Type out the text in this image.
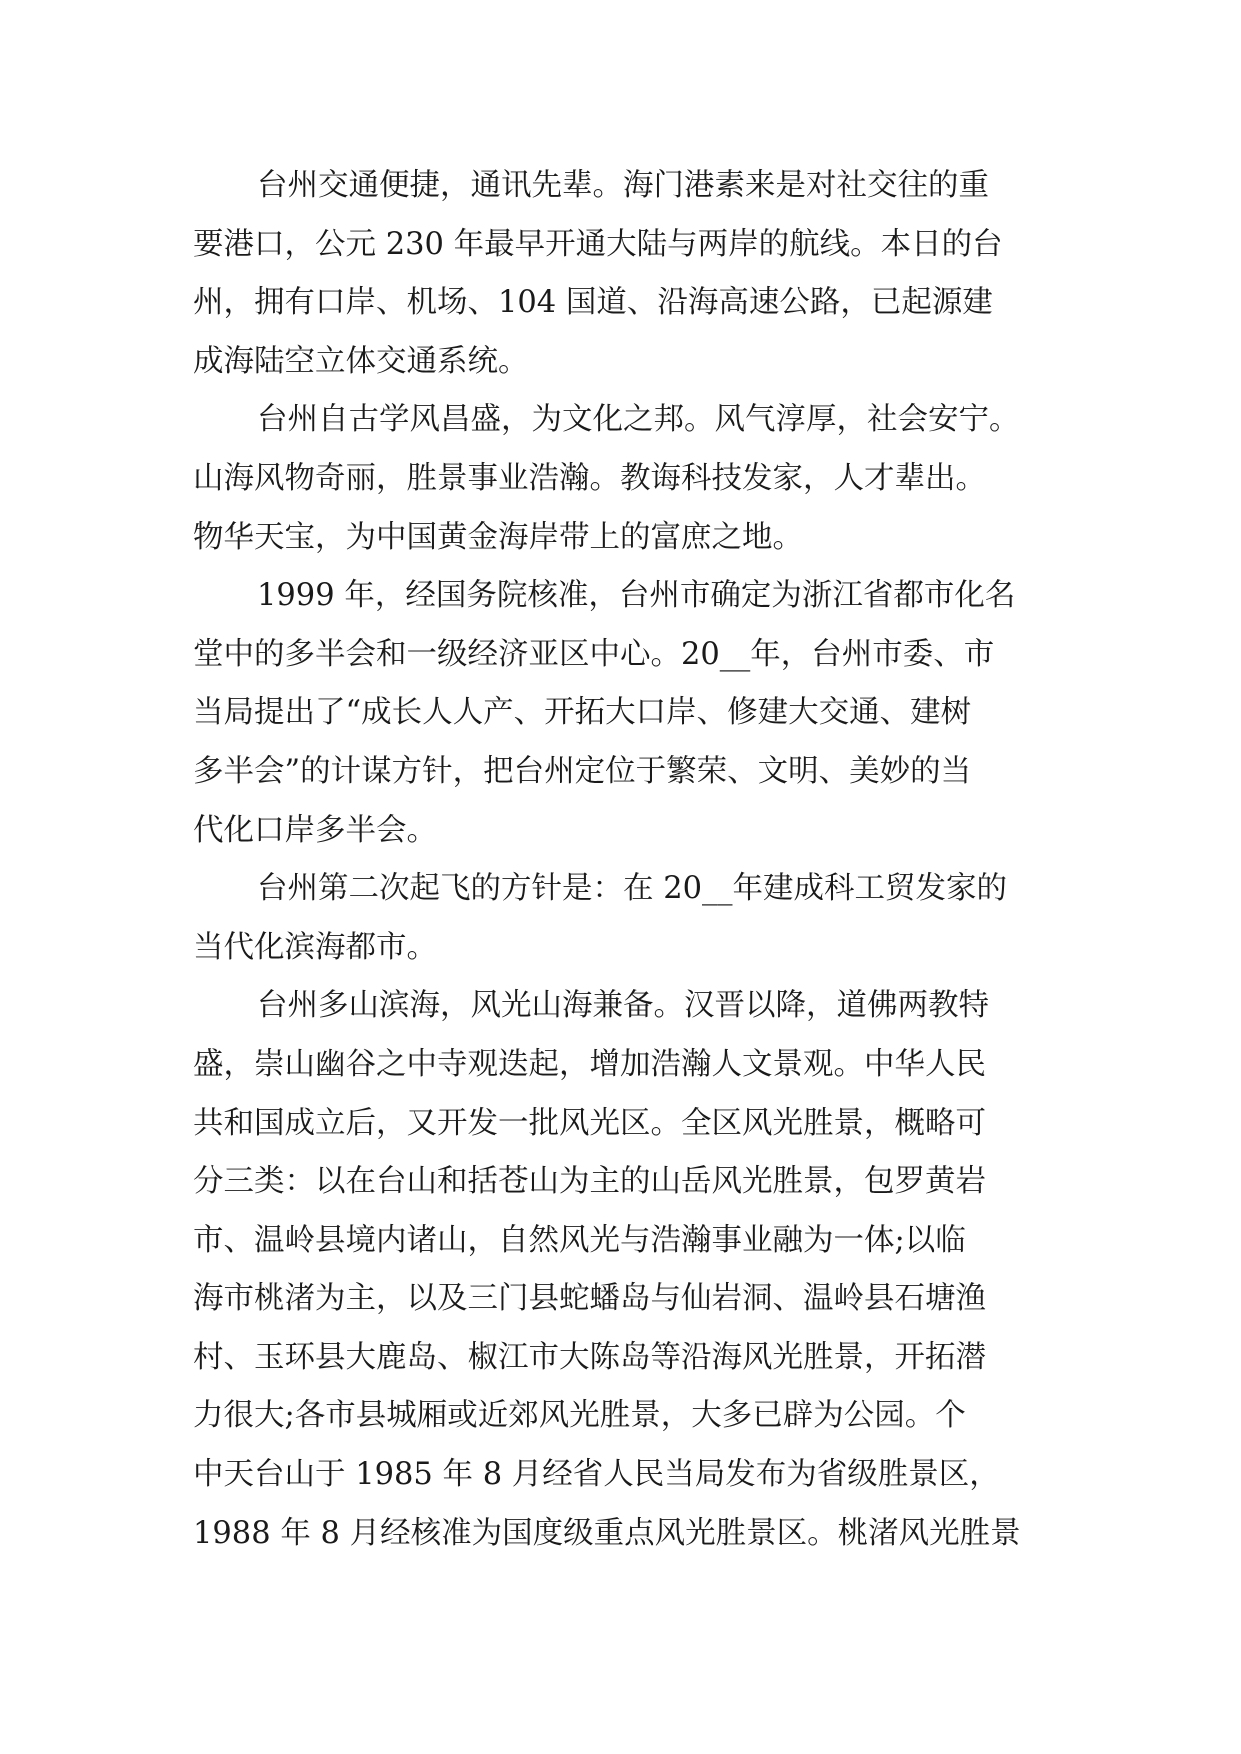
台州交通便捷，通讯先辈。海门港素来是对社交往的重
要港口，公元 230 年最早开通大陆与两岸的航线。本日的台
州，拥有口岸、机场、104 国道、沿海高速公路，已起源建
成海陆空立体交通系统。
台州自古学风昌盛，为文化之邦。风气淳厚，社会安宁。
山海风物奇丽，胜景事业浩瀚。教诲科技发家，人才辈出。
物华天宝，为中国黄金海岸带上的富庶之地。
1999 年，经国务院核准，台州市确定为浙江省都市化名
堂中的多半会和一级经济亚区中心。20__年，台州市委、市
当局提出了“成长人人产、开拓大口岸、修建大交通、建树
多半会”的计谋方针，把台州定位于繁荣、文明、美妙的当
代化口岸多半会。
台州第二次起飞的方针是：在 20__年建成科工贸发家的
当代化滨海都市。
台州多山滨海，风光山海兼备。汉晋以降，道佛两教特
盛，崇山幽谷之中寺观迭起，增加浩瀚人文景观。中华人民
共和国成立后，又开发一批风光区。全区风光胜景，概略可
分三类：以在台山和括苍山为主的山岳风光胜景，包罗黄岩
市、温岭县境内诸山，自然风光与浩瀚事业融为一体;以临
海市桃渚为主，以及三门县蛇蟠岛与仙岩洞、温岭县石塘渔
村、玉环县大鹿岛、椒江市大陈岛等沿海风光胜景，开拓潜
力很大;各市县城厢或近郊风光胜景，大多已辟为公园。个
中天台山于 1985 年 8 月经省人民当局发布为省级胜景区，
1988 年 8 月经核准为国度级重点风光胜景区。桃渚风光胜景
